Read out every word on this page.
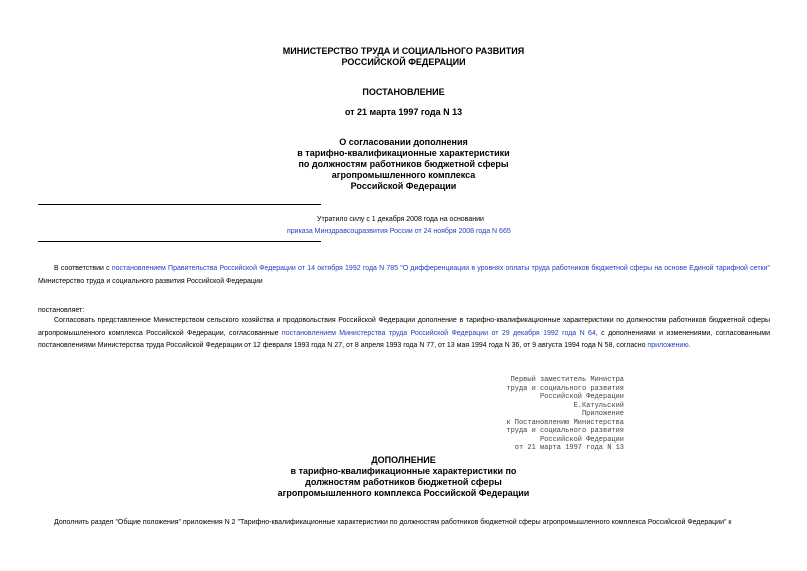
МИНИСТЕРСТВО ТРУДА И СОЦИАЛЬНОГО РАЗВИТИЯ
РОССИЙСКОЙ ФЕДЕРАЦИИ
ПОСТАНОВЛЕНИЕ
от 21 марта 1997 года N 13
О согласовании дополнения
в тарифно-квалификационные характеристики
по должностям работников бюджетной сферы
агропромышленного комплекса
Российской Федерации
Утратило силу с 1 декабря 2008 года на основании
приказа Минздравсоцразвития России от 24 ноября 2008 года N 665
В соответствии с постановлением Правительства Российской Федерации от 14 октября 1992 года N 785 "О дифференциации в уровнях оплаты труда работников бюджетной сферы на основе Единой тарифной сетки" Министерство труда и социального развития Российской Федерации
постановляет:
Согласовать представленное Министерством сельского хозяйства и продовольствия Российской Федерации дополнение в тарифно-квалификационные характеристики по должностям работников бюджетной сферы агропромышленного комплекса Российской Федерации, согласованные постановлением Министерства труда Российской Федерации от 29 декабря 1992 года N 64, с дополнениями и изменениями, согласованными постановлениями Министерства труда Российской Федерации от 12 февраля 1993 года N 27, от 8 апреля 1993 года N 77, от 13 мая 1994 года N 36, от 9 августа 1994 года N 58, согласно приложению.
Первый заместитель Министра
труда и социального развития
Российской Федерации
Е.Катульский
Приложение
к Постановлению Министерства
труда и социального развития
Российской Федерации
от 21 марта 1997 года N 13
ДОПОЛНЕНИЕ
в тарифно-квалификационные характеристики по
должностям работников бюджетной сферы
агропромышленного комплекса Российской Федерации
Дополнить раздел "Общие положения" приложения N 2 "Тарифно-квалификационные характеристики по должностям работников бюджетной сферы агропромышленного комплекса Российской Федерации" к
